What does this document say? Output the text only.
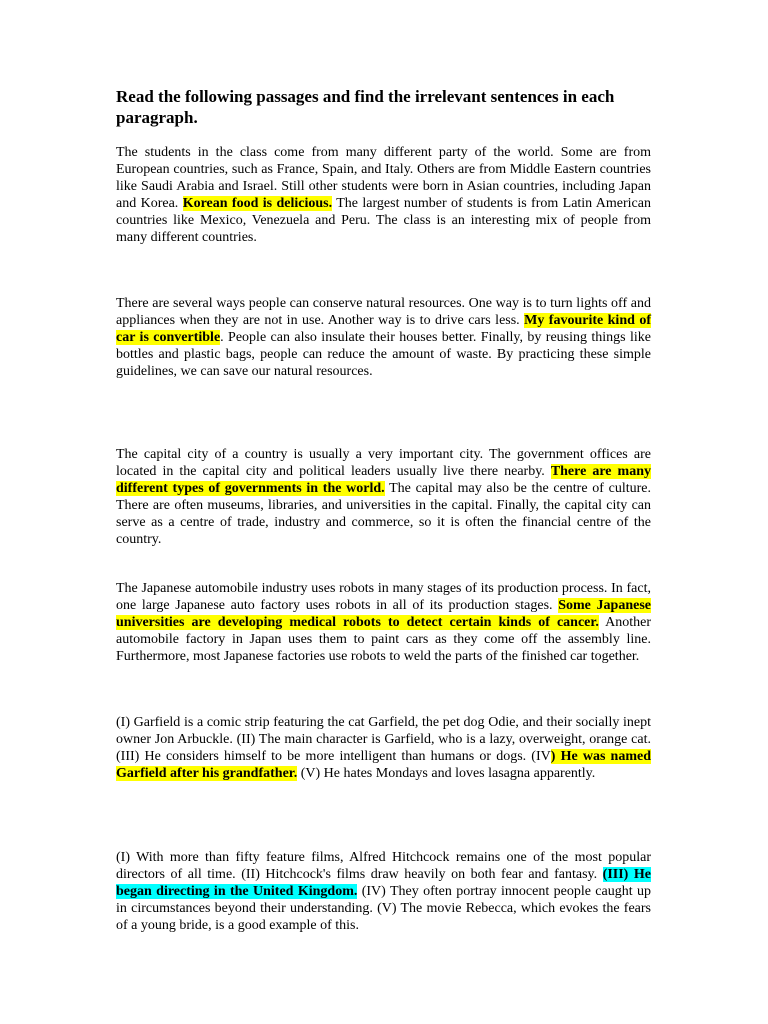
Read the following passages and find the irrelevant sentences in each paragraph.

The students in the class come from many different party of the world. Some are from European countries, such as France, Spain, and Italy. Others are from Middle Eastern countries like Saudi Arabia and Israel. Still other students were born in Asian countries, including Japan and Korea. Korean food is delicious. The largest number of students is from Latin American countries like Mexico, Venezuela and Peru. The class is an interesting mix of people from many different countries.

There are several ways people can conserve natural resources. One way is to turn lights off and appliances when they are not in use. Another way is to drive cars less. My favourite kind of car is convertible. People can also insulate their houses better. Finally, by reusing things like bottles and plastic bags, people can reduce the amount of waste. By practicing these simple guidelines, we can save our natural resources.

The capital city of a country is usually a very important city. The government offices are located in the capital city and political leaders usually live there nearby. There are many different types of governments in the world. The capital may also be the centre of culture. There are often museums, libraries, and universities in the capital. Finally, the capital city can serve as a centre of trade, industry and commerce, so it is often the financial centre of the country.

The Japanese automobile industry uses robots in many stages of its production process. In fact, one large Japanese auto factory uses robots in all of its production stages. Some Japanese universities are developing medical robots to detect certain kinds of cancer. Another automobile factory in Japan uses them to paint cars as they come off the assembly line. Furthermore, most Japanese factories use robots to weld the parts of the finished car together.

(I) Garfield is a comic strip featuring the cat Garfield, the pet dog Odie, and their socially inept owner Jon Arbuckle. (II) The main character is Garfield, who is a lazy, overweight, orange cat. (III) He considers himself to be more intelligent than humans or dogs. (IV) He was named Garfield after his grandfather. (V) He hates Mondays and loves lasagna apparently.

(I) With more than fifty feature films, Alfred Hitchcock remains one of the most popular directors of all time. (II) Hitchcock's films draw heavily on both fear and fantasy. (III) He began directing in the United Kingdom. (IV) They often portray innocent people caught up in circumstances beyond their understanding. (V) The movie Rebecca, which evokes the fears of a young bride, is a good example of this.
